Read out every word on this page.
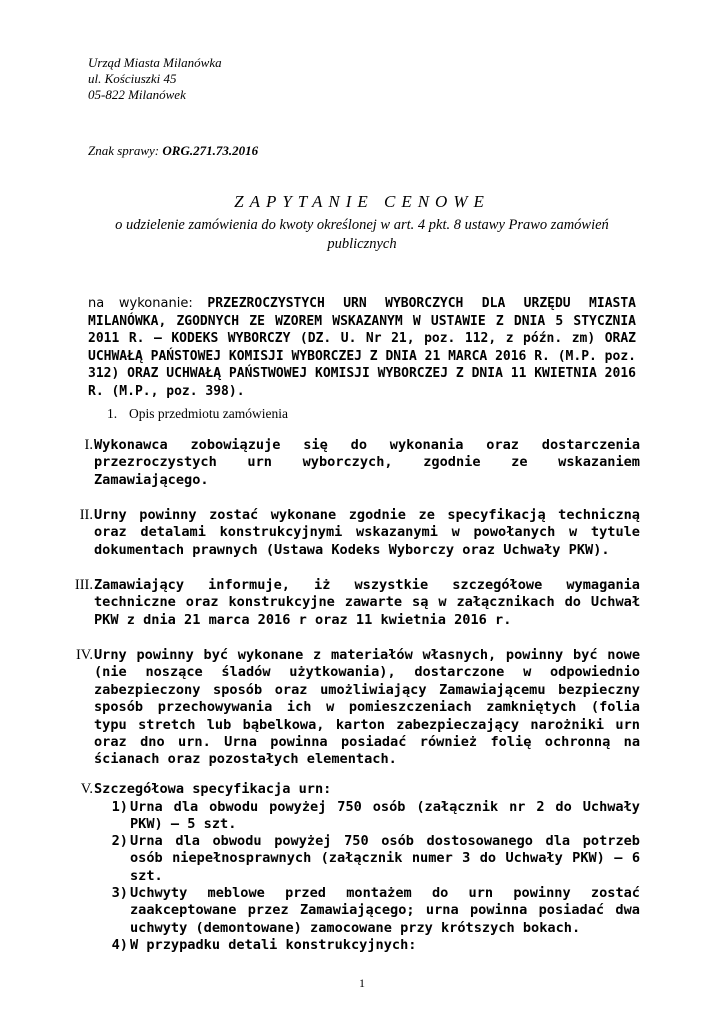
Urząd Miasta Milanówka
ul. Kościuszki 45
05-822 Milanówek
Znak sprawy: ORG.271.73.2016
ZAPYTANIE CENOWE
o udzielenie zamówienia do kwoty określonej w art. 4 pkt. 8 ustawy Prawo zamówień publicznych
na wykonanie: PRZEZROCZYSTYCH URN WYBORCZYCH DLA URZĘDU MIASTA MILANÓWKA, ZGODNYCH ZE WZOREM WSKAZANYM W USTAWIE Z DNIA 5 STYCZNIA 2011 R. – KODEKS WYBORCZY (DZ. U. Nr 21, poz. 112, z późn. zm) ORAZ UCHWAŁĄ PAŃSTOWEJ KOMISJI WYBORCZEJ Z DNIA 21 MARCA 2016 R. (M.P. poz. 312) ORAZ UCHWAŁĄ PAŃSTWOWEJ KOMISJI WYBORCZEJ Z DNIA 11 KWIETNIA 2016 R. (M.P., poz. 398).
1. Opis przedmiotu zamówienia
I. Wykonawca zobowiązuje się do wykonania oraz dostarczenia przezroczystych urn wyborczych, zgodnie ze wskazaniem Zamawiającego.
II. Urny powinny zostać wykonane zgodnie ze specyfikacją techniczną oraz detalami konstrukcyjnymi wskazanymi w powołanych w tytule dokumentach prawnych (Ustawa Kodeks Wyborczy oraz Uchwały PKW).
III. Zamawiający informuje, iż wszystkie szczegółowe wymagania techniczne oraz konstrukcyjne zawarte są w załącznikach do Uchwał PKW z dnia 21 marca 2016 r oraz 11 kwietnia 2016 r.
IV. Urny powinny być wykonane z materiałów własnych, powinny być nowe (nie noszące śladów użytkowania), dostarczone w odpowiednio zabezpieczony sposób oraz umożliwiający Zamawiającemu bezpieczny sposób przechowywania ich w pomieszczeniach zamkniętych (folia typu stretch lub bąbelkowa, karton zabezpieczający narożniki urn oraz dno urn. Urna powinna posiadać również folię ochronną na ścianach oraz pozostałych elementach.
V. Szczegółowa specyfikacja urn:
1) Urna dla obwodu powyżej 750 osób (załącznik nr 2 do Uchwały PKW) – 5 szt.
2) Urna dla obwodu powyżej 750 osób dostosowanego dla potrzeb osób niepełnosprawnych (załącznik numer 3 do Uchwały PKW) – 6 szt.
3) Uchwyty meblowe przed montażem do urn powinny zostać zaakceptowane przez Zamawiającego; urna powinna posiadać dwa uchwyty (demontowane) zamocowane przy krótszych bokach.
4) W przypadku detali konstrukcyjnych:
1
